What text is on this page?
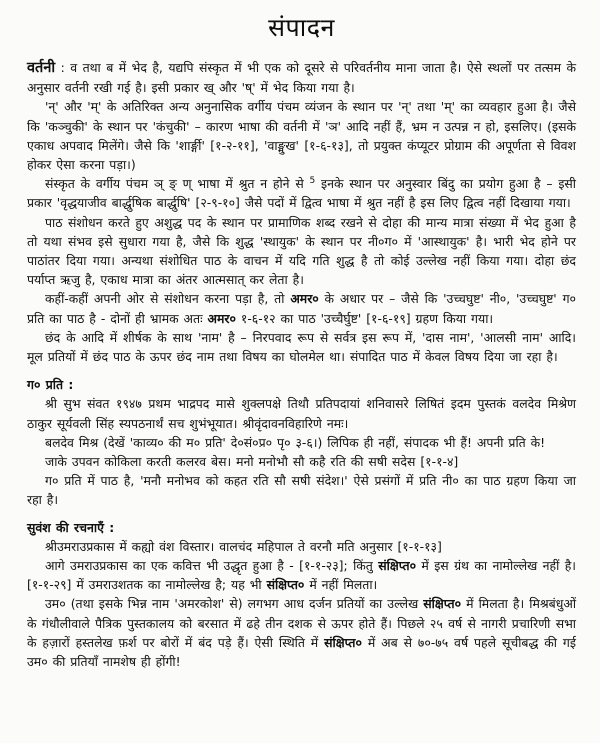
संपादन

वर्तनी : व तथा ब में भेद है, यद्यपि संस्कृत में भी एक को दूसरे से परिवर्तनीय माना जाता है। ऐसे स्थलों पर तत्सम के अनुसार वर्तनी रखी गई है। इसी प्रकार ख् और 'ष्' में भेद किया गया है।

'न्' और 'म्' के अतिरिक्त अन्य अनुनासिक वर्गीय पंचम व्यंजन के स्थान पर 'न्' तथा 'म्' का व्यवहार हुआ है। जैसे कि 'कञ्चुकी' के स्थान पर 'कंचुकी' – कारण भाषा की वर्तनी में 'ञ' आदि नहीं हैं, भ्रम न उत्पन्न न हो, इसलिए। (इसके एकाध अपवाद मिलेंगे। जैसे कि 'शार्ङ्गी' [१-२-११], 'वाङ्मुख' [१-६-१३], तो प्रयुक्त कंप्यूटर प्रोग्राम की अपूर्णता से विवश होकर ऐसा करना पड़ा।)

संस्कृत के वर्गीय पंचम ञ् ङ् ण् भाषा में श्रुत न होने से $^5$ इनके स्थान पर अनुस्वार बिंदु का प्रयोग हुआ है – इसी प्रकार 'वृद्धयाजीव बार्द्धुषिक बार्द्धुषि' [२-९-१०] जैसे पदों में द्वित्व भाषा में श्रुत नहीं है इस लिए द्वित्व नहीं दिखाया गया।

पाठ संशोधन करते हुए अशुद्ध पद के स्थान पर प्रामाणिक शब्द रखने से दोहा की मान्य मात्रा संख्या में भेद हुआ है तो यथा संभव इसे सुधारा गया है, जैसे कि शुद्ध 'स्थायुक' के स्थान पर नी०ग० में 'आस्थायुक' है। भारी भेद होने पर पाठांतर दिया गया। अन्यथा संशोधित पाठ के वाचन में यदि गति शुद्ध है तो कोई उल्लेख नहीं किया गया। दोहा छंद पर्याप्त ऋजु है, एकाध मात्रा का अंतर आत्मसात् कर लेता है।

कहीं-कहीं अपनी ओर से संशोधन करना पड़ा है, तो अमर० के अधार पर – जैसे कि 'उच्चघुष्ट' नी०, 'उच्चघुष्ट' ग० प्रति का पाठ है - दोनों ही भ्रामक अतः अमर० १-६-१२ का पाठ 'उच्चैर्घुष्ट' [१-६-१९] ग्रहण किया गया।

छंद के आदि में शीर्षक के साथ 'नाम' है – निरपवाद रूप से सर्वत्र इस रूप में, 'दास नाम', 'आलसी नाम' आदि। मूल प्रतियों में छंद पाठ के ऊपर छंद नाम तथा विषय का घोलमेल था। संपादित पाठ में केवल विषय दिया जा रहा है।

ग० प्रति :

श्री सुभ संवत १९४७ प्रथम भाद्रपद मासे शुक्लपक्षे तिथौ प्रतिपदायां शनिवासरे लिषितं इदम पुस्तकं वलदेव मिश्रेण ठाकुर सूर्यवली सिंह स्यपठनार्थं सच शुभंभूयात। श्रीवृंदावनविहारिणे नमः।

बलदेव मिश्र (देखें 'काव्य० की म० प्रति' दे०सं०प्र० पृ० ३-६।) लिपिक ही नहीं, संपादक भी हैं! अपनी प्रति के!

जाके उपवन कोकिला करती कलरव बेस। मनो मनोभौ सौ कहै रति की सषी सदेस [१-१-४]

ग० प्रति में पाठ है, 'मनौ मनोभव को कहत रति सौ सषी संदेश।' ऐसे प्रसंगों में प्रति नी० का पाठ ग्रहण किया जा रहा है।

सुवंश की रचनाएँ :

श्रीउमराउप्रकास में कह्यो वंश विस्तार। वालचंद महिपाल ते वरनौ मति अनुसार [१-१-१३]

आगे उमराउप्रकास का एक कवित्त भी उद्धृत हुआ है - [१-१-२३]; किंतु संक्षिप्त० में इस ग्रंथ का नामोल्लेख नहीं है। [१-१-२९] में उमराउशतक का नामोल्लेख है; यह भी संक्षिप्त० में नहीं मिलता।

उम० (तथा इसके भिन्न नाम 'अमरकोश' से) लगभग आध दर्जन प्रतियों का उल्लेख संक्षिप्त० में मिलता है। मिश्रबंधुओं के गंधौलीवाले पैत्रिक पुस्तकालय को बरसात में ढहे तीन दशक से ऊपर होते हैं। पिछले २५ वर्ष से नागरी प्रचारिणी सभा के हज़ारों हस्तलेख फ़र्श पर बोरों में बंद पड़े हैं। ऐसी स्थिति में संक्षिप्त० में अब से ७०-७५ वर्ष पहले सूचीबद्ध की गई उम० की प्रतियाँ नामशेष ही होंगी!
